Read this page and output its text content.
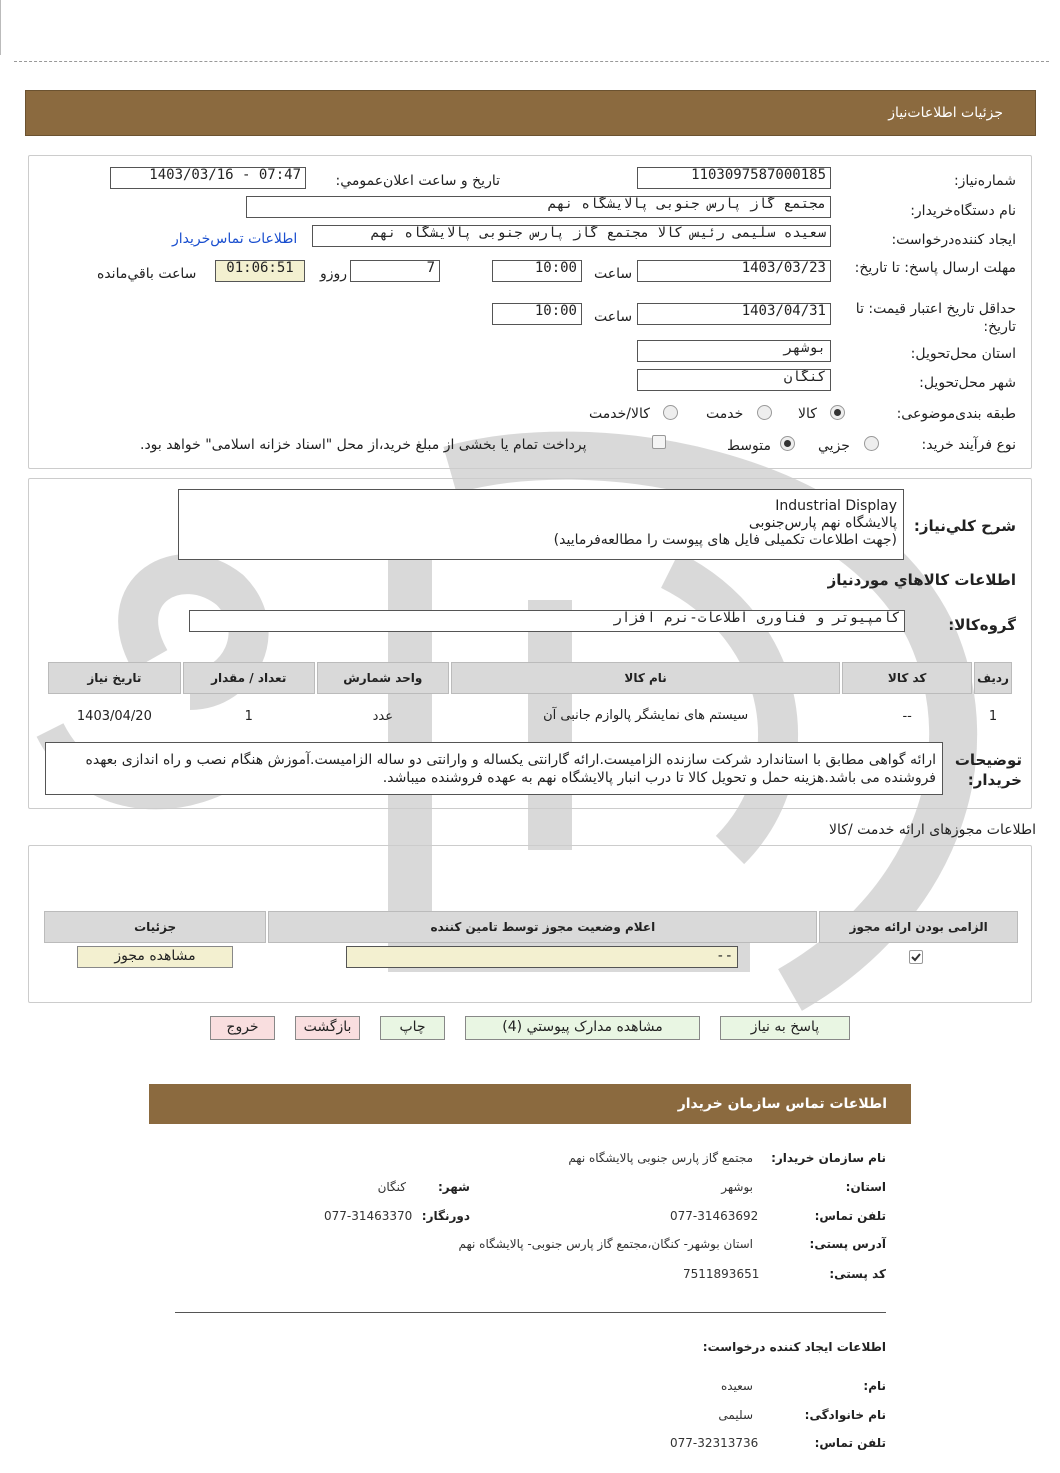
جزئیات اطلاعات‌نیاز
شماره‌نیاز:
1103097587000185
تاریخ و ساعت اعلان‌عمومي:
1403/03/16 - 07:47
نام دستگاه‌خريدار:
مجتمع گاز پارس جنوبی پالایشگاه نهم
ايجاد کننده‌درخواست:
سعیده سلیمی رئیس کالا مجتمع گاز پارس جنوبی پالایشگاه نهم
اطلاعات تماس‌خريدار
مهلت ارسال پاسخ: تا تاریخ:
1403/03/23
ساعت
10:00
7
روزو
01:06:51
ساعت باقي‌مانده
حداقل تاریخ اعتبار قیمت: تا تاریخ:
1403/04/31
ساعت
10:00
استان محل‌تحويل:
بوشهر
شهر محل‌تحويل:
کنگان
طبقه بندی‌موضوعی:
کالا
خدمت
کالا/خدمت
نوع فرآيند خريد:
جزيي
متوسط
پرداخت تمام یا بخشی از مبلغ خرید،از محل "اسناد خزانه اسلامی" خواهد بود.
شرح کلي‌نياز:
Industrial Display
پالایشگاه نهم پارس‌جنوبی
(جهت اطلاعات تکمیلی فایل های پیوست را مطالعه‌فرمایید)
اطلاعات کالاهاي موردنياز
گروه‌کالا:
کامپیوتر و فناوری اطلاعات-نرم افزار
تاريخ نياز	تعداد / مقدار	واحد شمارش	نام کالا	کد کالا	رديف
1403/04/20	1	عدد	سیستم های نمایشگر پالوازم جانبی آن	--	1
توضيحات خريدار:
ارائه گواهی مطابق با استاندارد شرکت سازنده الزامیست.ارائه گارانتی یکساله و وارانتی دو ساله الزامیست.آموزش هنگام نصب و راه اندازی بعهده فروشنده می باشد.هزینه حمل و تحویل کالا تا درب انبار پالایشگاه نهم به عهده فروشنده میباشد.
اطلاعات مجوزهای ارائه خدمت /کالا
جزئیات	اعلام وضعیت مجوز توسط تامین کننده	الزامی بودن ارائه مجوز

مشاهده مجوز	--
پاسخ به نياز
مشاهده مدارک پيوستي (4)
چاپ
بازگشت
خروج
اطلاعات تماس سازمان خریدار
نام سازمان خریدار:
مجتمع گاز پارس جنوبی پالایشگاه نهم
استان:
بوشهر
شهر:
کنگان
تلفن تماس:
077-31463692
دورنگار:
077-31463370
آدرس پستی:
استان بوشهر- کنگان،مجتمع گاز پارس جنوبی- پالایشگاه نهم
کد پستی:
7511893651
اطلاعات ایجاد کننده درخواست:
نام:
سعیده
نام خانوادگی:
سلیمی
تلفن تماس:
077-32313736
